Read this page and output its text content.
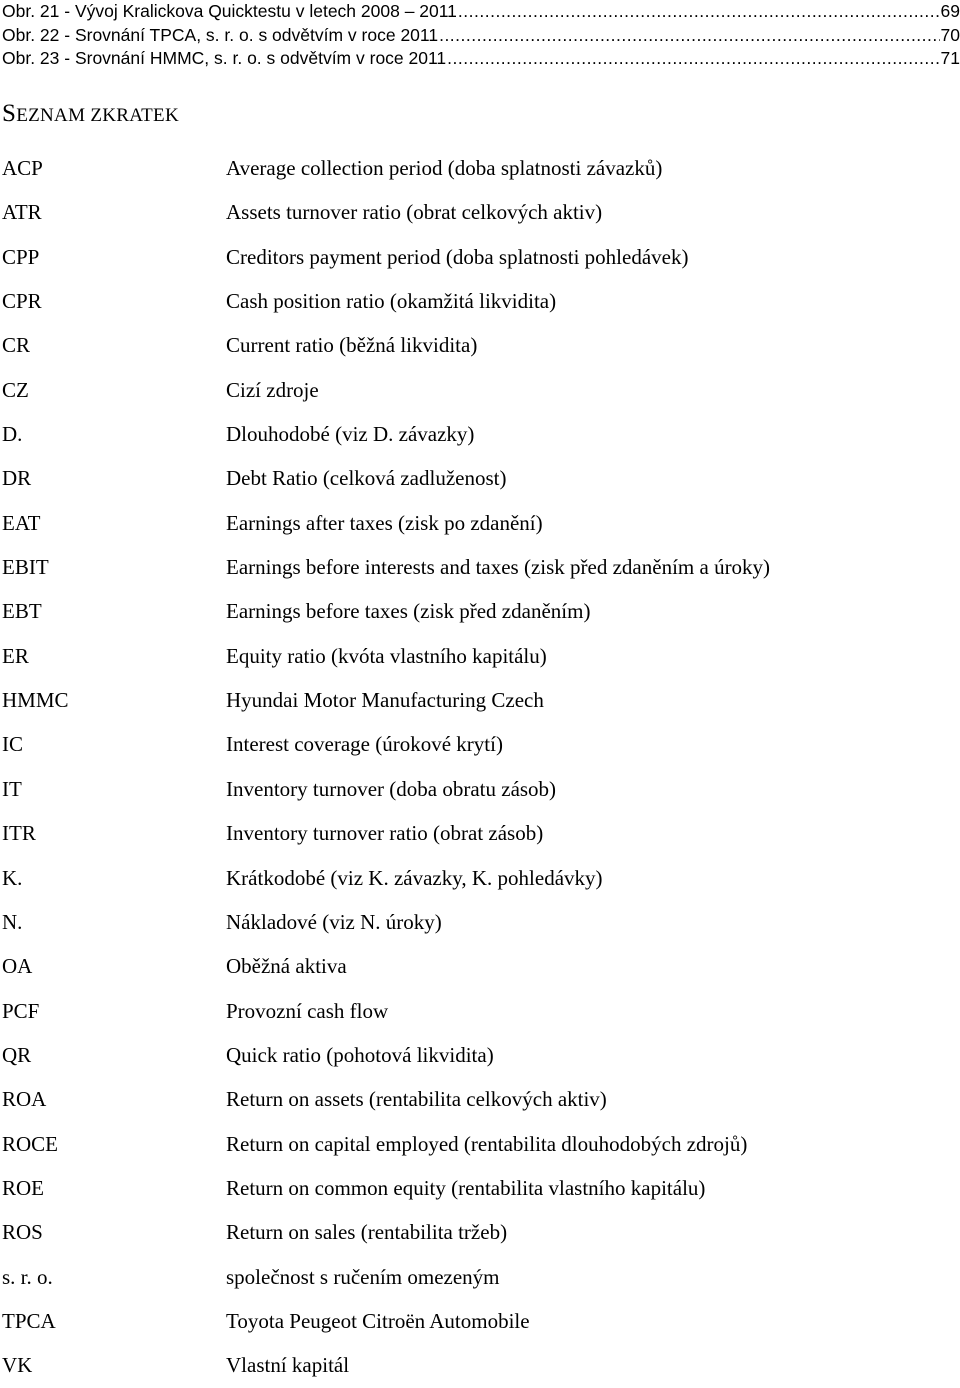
Obr. 21 - Vývoj Kralickova Quicktestu v letech 2008 – 2011 .....	69
Obr. 22 - Srovnání TPCA, s. r. o. s odvětvím v roce 2011 .....	70
Obr. 23 - Srovnání HMMC, s. r. o. s odvětvím v roce 2011 .....	71
SEZNAM ZKRATEK
ACP	Average collection period (doba splatnosti závazků)
ATR	Assets turnover ratio (obrat celkových aktiv)
CPP	Creditors payment period (doba splatnosti pohledávek)
CPR	Cash position ratio (okamžitá likvidita)
CR	Current ratio (běžná likvidita)
CZ	Cizí zdroje
D.	Dlouhodobé (viz D. závazky)
DR	Debt Ratio (celková zadluženost)
EAT	Earnings after taxes (zisk po zdanění)
EBIT	Earnings before interests and taxes (zisk před zdaněním a úroky)
EBT	Earnings before taxes (zisk před zdaněním)
ER	Equity ratio (kvóta vlastního kapitálu)
HMMC	Hyundai Motor Manufacturing Czech
IC	Interest coverage (úrokové krytí)
IT	Inventory turnover (doba obratu zásob)
ITR	Inventory turnover ratio (obrat zásob)
K.	Krátkodobé (viz K. závazky, K. pohledávky)
N.	Nákladové (viz N. úroky)
OA	Oběžná aktiva
PCF	Provozní cash flow
QR	Quick ratio (pohotová likvidita)
ROA	Return on assets (rentabilita celkových aktiv)
ROCE	Return on capital employed (rentabilita dlouhodobých zdrojů)
ROE	Return on common equity (rentabilita vlastního kapitálu)
ROS	Return on sales (rentabilita tržeb)
s. r. o.	společnost s ručením omezeným
TPCA	Toyota Peugeot Citroën Automobile
VK	Vlastní kapitál
